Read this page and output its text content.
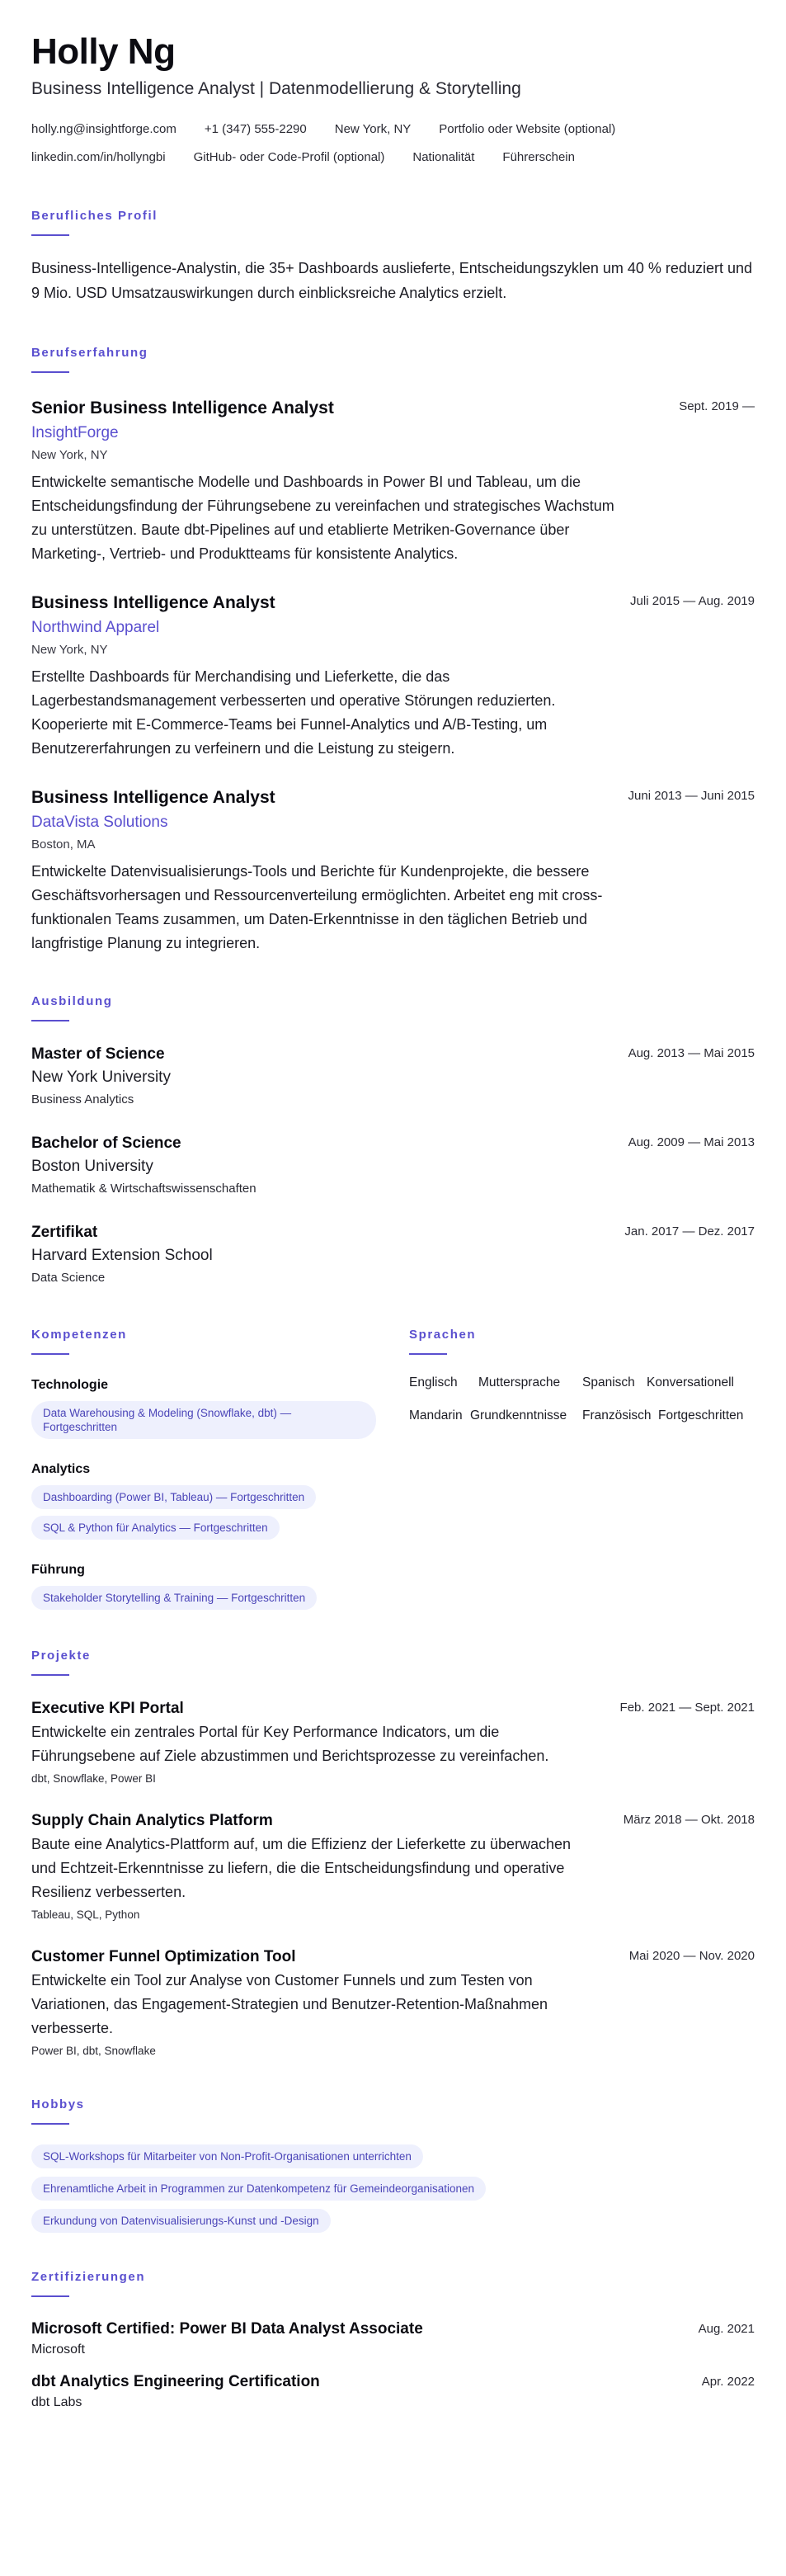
Holly Ng
Business Intelligence Analyst | Datenmodellierung & Storytelling
holly.ng@insightforge.com +1 (347) 555-2290 New York, NY Portfolio oder Website (optional)
linkedin.com/in/hollyngbi GitHub- oder Code-Profil (optional) Nationalität Führerschein
Berufliches Profil
Business-Intelligence-Analystin, die 35+ Dashboards auslieferte, Entscheidungszyklen um 40 % reduziert und 9 Mio. USD Umsatzauswirkungen durch einblicksreiche Analytics erzielt.
Berufserfahrung
Senior Business Intelligence Analyst
InsightForge
New York, NY
Entwickelte semantische Modelle und Dashboards in Power BI und Tableau, um die Entscheidungsfindung der Führungsebene zu vereinfachen und strategisches Wachstum zu unterstützen. Baute dbt-Pipelines auf und etablierte Metriken-Governance über Marketing-, Vertrieb- und Produktteams für konsistente Analytics.
Sept. 2019 —
Business Intelligence Analyst
Northwind Apparel
New York, NY
Erstellte Dashboards für Merchandising und Lieferkette, die das Lagerbestandsmanagement verbesserten und operative Störungen reduzierten. Kooperierte mit E-Commerce-Teams bei Funnel-Analytics und A/B-Testing, um Benutzererfahrungen zu verfeinern und die Leistung zu steigern.
Juli 2015 — Aug. 2019
Business Intelligence Analyst
DataVista Solutions
Boston, MA
Entwickelte Datenvisualisierungs-Tools und Berichte für Kundenprojekte, die bessere Geschäftsvorhersagen und Ressourcenverteilung ermöglichten. Arbeitet eng mit cross-funktionalen Teams zusammen, um Daten-Erkenntnisse in den täglichen Betrieb und langfristige Planung zu integrieren.
Juni 2013 — Juni 2015
Ausbildung
Master of Science
New York University
Business Analytics
Aug. 2013 — Mai 2015
Bachelor of Science
Boston University
Mathematik & Wirtschaftswissenschaften
Aug. 2009 — Mai 2013
Zertifikat
Harvard Extension School
Data Science
Jan. 2017 — Dez. 2017
Kompetenzen
Technologie
Data Warehousing & Modeling (Snowflake, dbt) — Fortgeschritten
Analytics
Dashboarding (Power BI, Tableau) — Fortgeschritten
SQL & Python für Analytics — Fortgeschritten
Führung
Stakeholder Storytelling & Training — Fortgeschritten
Sprachen
Englisch	Muttersprache	Spanisch Konversationell
Mandarin Grundkenntnisse	Französisch Fortgeschritten
Projekte
Executive KPI Portal
Entwickelte ein zentrales Portal für Key Performance Indicators, um die Führungsebene auf Ziele abzustimmen und Berichtsprozesse zu vereinfachen.
dbt, Snowflake, Power BI
Feb. 2021 — Sept. 2021
Supply Chain Analytics Platform
Baute eine Analytics-Plattform auf, um die Effizienz der Lieferkette zu überwachen und Echtzeit-Erkenntnisse zu liefern, die die Entscheidungsfindung und operative Resilienz verbesserten.
Tableau, SQL, Python
März 2018 — Okt. 2018
Customer Funnel Optimization Tool
Entwickelte ein Tool zur Analyse von Customer Funnels und zum Testen von Variationen, das Engagement-Strategien und Benutzer-Retention-Maßnahmen verbesserte.
Power BI, dbt, Snowflake
Mai 2020 — Nov. 2020
Hobbys
SQL-Workshops für Mitarbeiter von Non-Profit-Organisationen unterrichten
Ehrenamtliche Arbeit in Programmen zur Datenkompetenz für Gemeindeorganisationen
Erkundung von Datenvisualisierungs-Kunst und -Design
Zertifizierungen
Microsoft Certified: Power BI Data Analyst Associate
Microsoft
Aug. 2021
dbt Analytics Engineering Certification
dbt Labs
Apr. 2022
